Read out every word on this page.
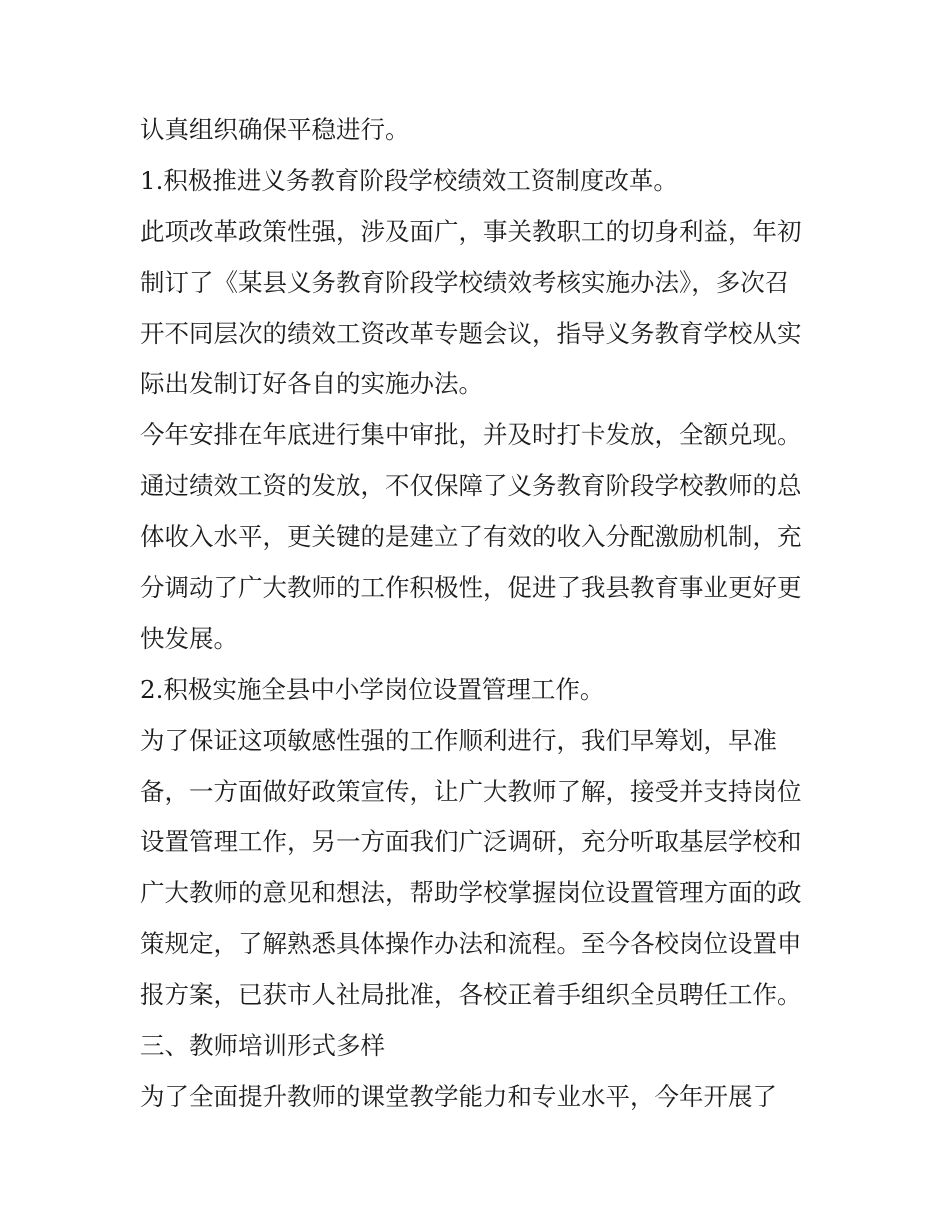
认真组织确保平稳进行。

1.积极推进义务教育阶段学校绩效工资制度改革。

此项改革政策性强，涉及面广，事关教职工的切身利益，年初

制订了《某县义务教育阶段学校绩效考核实施办法》，多次召

开不同层次的绩效工资改革专题会议，指导义务教育学校从实

际出发制订好各自的实施办法。

今年安排在年底进行集中审批，并及时打卡发放，全额兑现。

通过绩效工资的发放，不仅保障了义务教育阶段学校教师的总

体收入水平，更关键的是建立了有效的收入分配激励机制，充

分调动了广大教师的工作积极性，促进了我县教育事业更好更

快发展。

2.积极实施全县中小学岗位设置管理工作。

为了保证这项敏感性强的工作顺利进行，我们早筹划，早准

备，一方面做好政策宣传，让广大教师了解，接受并支持岗位

设置管理工作，另一方面我们广泛调研，充分听取基层学校和

广大教师的意见和想法，帮助学校掌握岗位设置管理方面的政

策规定，了解熟悉具体操作办法和流程。至今各校岗位设置申

报方案，已获市人社局批准，各校正着手组织全员聘任工作。

三、教师培训形式多样

为了全面提升教师的课堂教学能力和专业水平，今年开展了
